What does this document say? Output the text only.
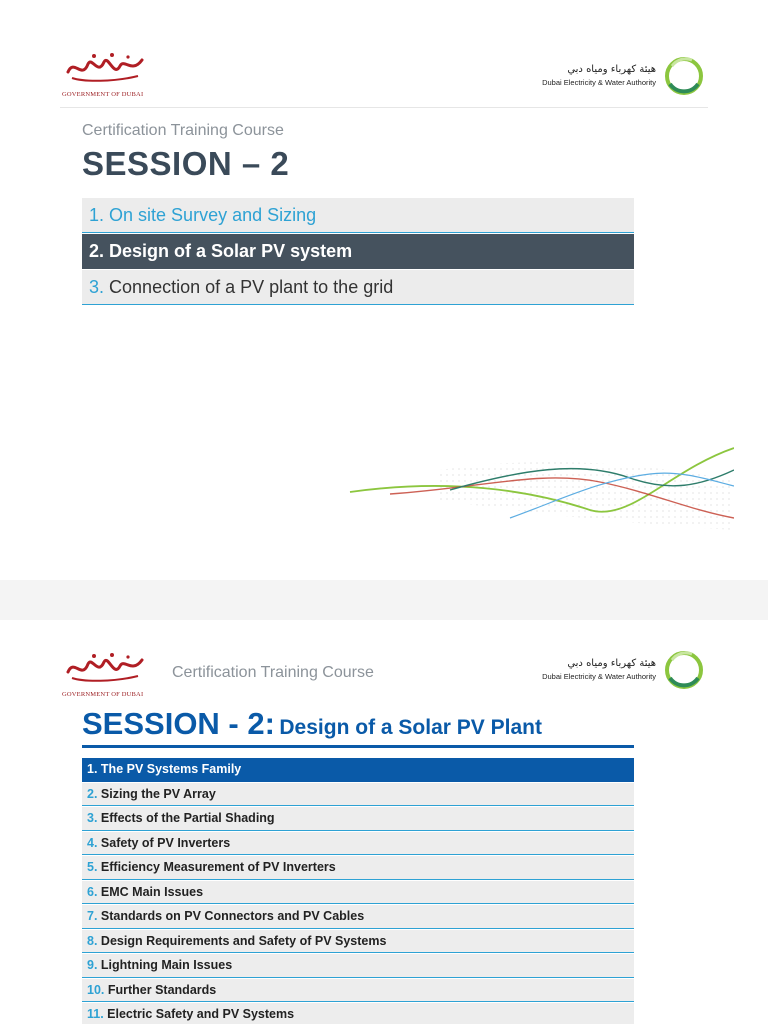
GOVERNMENT OF DUBAI
هيئة كهرباء ومياه دبي
Dubai Electricity & Water Authority
Certification Training Course
SESSION – 2
1. On site Survey and Sizing
2. Design of a Solar PV system
3. Connection of a PV plant to the grid
GOVERNMENT OF DUBAI
Certification Training Course
هيئة كهرباء ومياه دبي
Dubai Electricity & Water Authority
SESSION - 2: Design of a Solar PV Plant
1. The PV Systems Family
2. Sizing the PV Array
3. Effects of the Partial Shading
4. Safety of PV Inverters
5. Efficiency Measurement of PV Inverters
6. EMC Main Issues
7. Standards on PV Connectors and PV Cables
8. Design Requirements and Safety of PV Systems
9. Lightning Main Issues
10. Further Standards
11. Electric Safety and PV Systems
